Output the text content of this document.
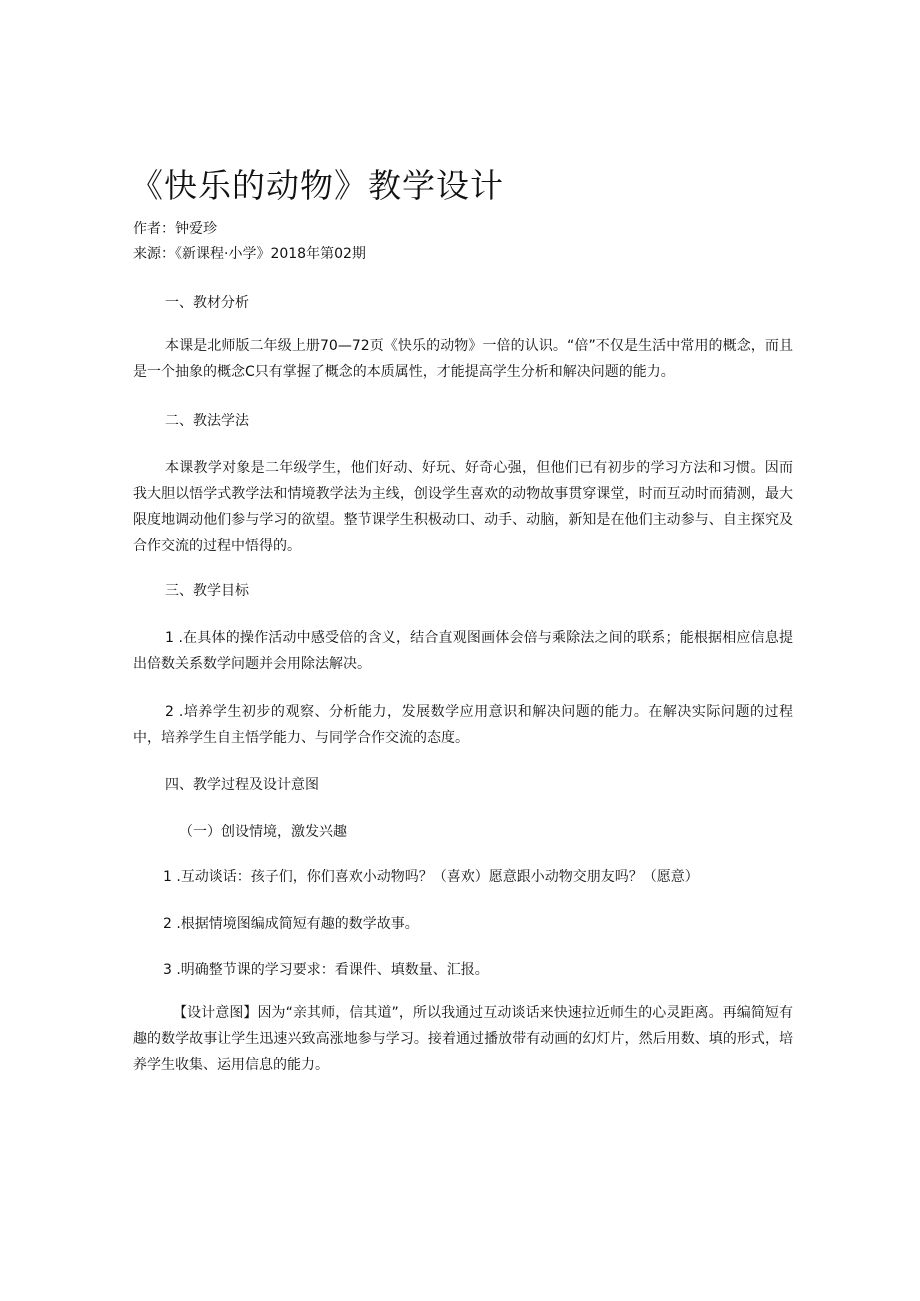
《快乐的动物》教学设计
作者：钟爱珍
来源：《新课程·小学》2018年第02期
一、教材分析

本课是北师版二年级上册70—72页《快乐的动物》一倍的认识。“倍”不仅是生活中常用的概念，而且是一个抽象的概念C只有掌握了概念的本质属性，才能提高学生分析和解决问题的能力。

二、教法学法

本课教学对象是二年级学生，他们好动、好玩、好奇心强，但他们已有初步的学习方法和习惯。因而我大胆以悟学式教学法和情境教学法为主线，创设学生喜欢的动物故事贯穿课堂，时而互动时而猜测，最大限度地调动他们参与学习的欲望。整节课学生积极动口、动手、动脑，新知是在他们主动参与、自主探究及合作交流的过程中悟得的。

三、教学目标

1 .在具体的操作活动中感受倍的含义，结合直观图画体会倍与乘除法之间的联系；能根据相应信息提出倍数关系数学问题并会用除法解决。

2 .培养学生初步的观察、分析能力，发展数学应用意识和解决问题的能力。在解决实际问题的过程中，培养学生自主悟学能力、与同学合作交流的态度。

四、教学过程及设计意图
（一）创设情境，激发兴趣
1 .互动谈话：孩子们，你们喜欢小动物吗？（喜欢）愿意跟小动物交朋友吗？（愿意）
2 .根据情境图编成简短有趣的数学故事。
3 .明确整节课的学习要求：看课件、填数量、汇报。

【设计意图】因为“亲其师，信其道”，所以我通过互动谈话来快速拉近师生的心灵距离。再编简短有趣的数学故事让学生迅速兴致高涨地参与学习。接着通过播放带有动画的幻灯片，然后用数、填的形式，培养学生收集、运用信息的能力。
